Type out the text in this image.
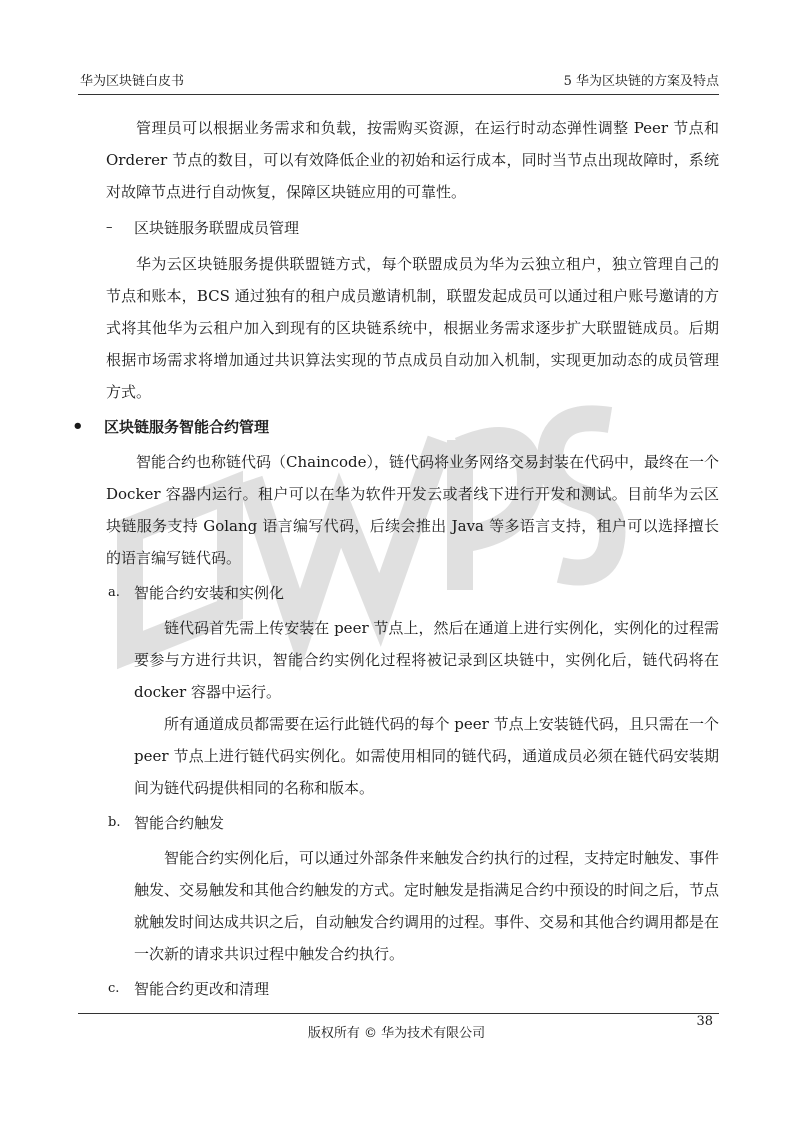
华为区块链白皮书	5 华为区块链的方案及特点

管理员可以根据业务需求和负载，按需购买资源，在运行时动态弹性调整 Peer 节点和 Orderer 节点的数目，可以有效降低企业的初始和运行成本，同时当节点出现故障时，系统对故障节点进行自动恢复，保障区块链应用的可靠性。

–	区块链服务联盟成员管理

华为云区块链服务提供联盟链方式，每个联盟成员为华为云独立租户，独立管理自己的节点和账本，BCS 通过独有的租户成员邀请机制，联盟发起成员可以通过租户账号邀请的方式将其他华为云租户加入到现有的区块链系统中，根据业务需求逐步扩大联盟链成员。后期根据市场需求将增加通过共识算法实现的节点成员自动加入机制，实现更加动态的成员管理方式。

•	区块链服务智能合约管理

智能合约也称链代码（Chaincode），链代码将业务网络交易封装在代码中，最终在一个 Docker 容器内运行。租户可以在华为软件开发云或者线下进行开发和测试。目前华为云区块链服务支持 Golang 语言编写代码，后续会推出 Java 等多语言支持，租户可以选择擅长的语言编写链代码。

a. 智能合约安装和实例化

链代码首先需上传安装在 peer 节点上，然后在通道上进行实例化，实例化的过程需要参与方进行共识，智能合约实例化过程将被记录到区块链中，实例化后，链代码将在 docker 容器中运行。

所有通道成员都需要在运行此链代码的每个 peer 节点上安装链代码，且只需在一个 peer 节点上进行链代码实例化。如需使用相同的链代码，通道成员必须在链代码安装期间为链代码提供相同的名称和版本。

b. 智能合约触发

智能合约实例化后，可以通过外部条件来触发合约执行的过程，支持定时触发、事件触发、交易触发和其他合约触发的方式。定时触发是指满足合约中预设的时间之后，节点就触发时间达成共识之后，自动触发合约调用的过程。事件、交易和其他合约调用都是在一次新的请求共识过程中触发合约执行。

c. 智能合约更改和清理
38
版权所有 © 华为技术有限公司
